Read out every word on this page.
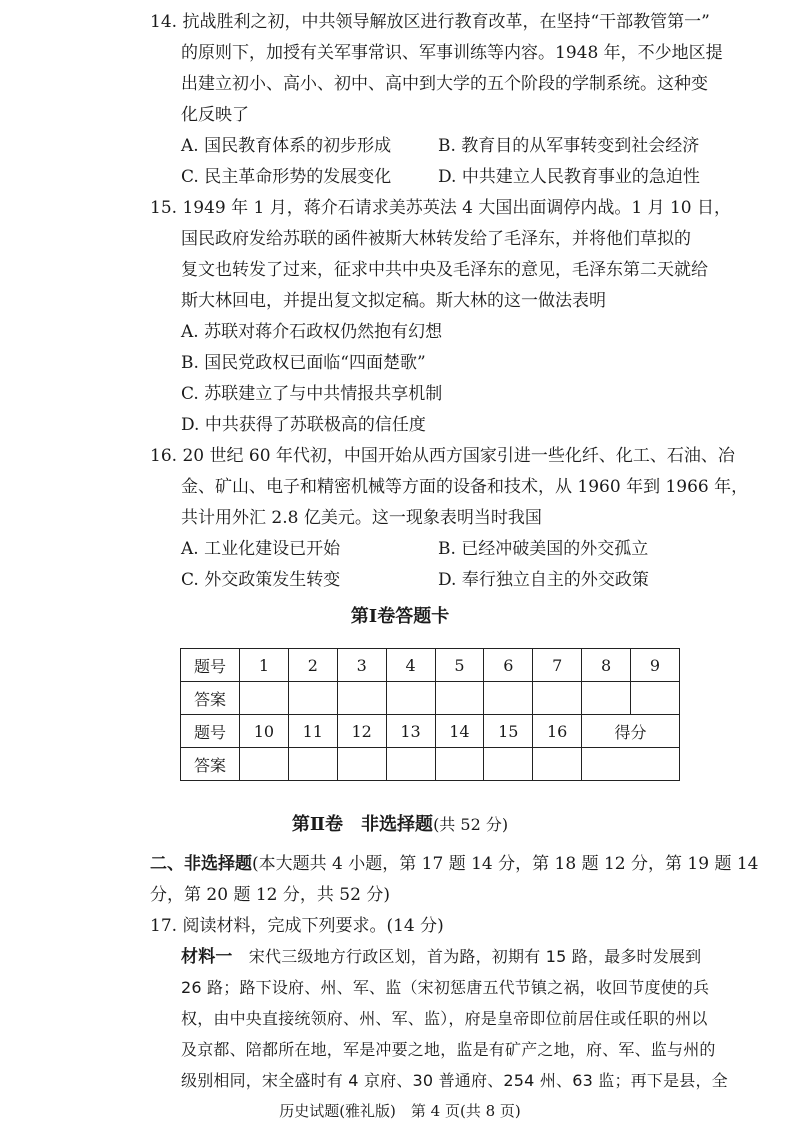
14. 抗战胜利之初，中共领导解放区进行教育改革，在坚持“干部教管第一”
的原则下，加授有关军事常识、军事训练等内容。1948 年，不少地区提
出建立初小、高小、初中、高中到大学的五个阶段的学制系统。这种变
化反映了
A. 国民教育体系的初步形成	B. 教育目的从军事转变到社会经济
C. 民主革命形势的发展变化	D. 中共建立人民教育事业的急迫性
15. 1949 年 1 月，蒋介石请求美苏英法 4 大国出面调停内战。1 月 10 日，
国民政府发给苏联的函件被斯大林转发给了毛泽东，并将他们草拟的
复文也转发了过来，征求中共中央及毛泽东的意见，毛泽东第二天就给
斯大林回电，并提出复文拟定稿。斯大林的这一做法表明
A. 苏联对蒋介石政权仍然抱有幻想
B. 国民党政权已面临“四面楚歌”
C. 苏联建立了与中共情报共享机制
D. 中共获得了苏联极高的信任度
16. 20 世纪 60 年代初，中国开始从西方国家引进一些化纤、化工、石油、冶
金、矿山、电子和精密机械等方面的设备和技术，从 1960 年到 1966 年，
共计用外汇 2.8 亿美元。这一现象表明当时我国
A. 工业化建设已开始	B. 已经冲破美国的外交孤立
C. 外交政策发生转变	D. 奉行独立自主的外交政策
第Ⅰ卷答题卡
题号	1	2	3	4	5	6	7	8	9
答案									
题号	10	11	12	13	14	15	16	得分	
答案									
第Ⅱ卷　非选择题(共 52 分)
二、非选择题(本大题共 4 小题，第 17 题 14 分，第 18 题 12 分，第 19 题 14
分，第 20 题 12 分，共 52 分)
17. 阅读材料，完成下列要求。(14 分)
材料一　宋代三级地方行政区划，首为路，初期有 15 路，最多时发展到
26 路；路下设府、州、军、监（宋初惩唐五代节镇之祸，收回节度使的兵
权，由中央直接统领府、州、军、监），府是皇帝即位前居住或任职的州以
及京都、陪都所在地，军是冲要之地，监是有矿产之地，府、军、监与州的
级别相同，宋全盛时有 4 京府、30 普通府、254 州、63 监；再下是县，全
历史试题(雅礼版)　第 4 页(共 8 页)
